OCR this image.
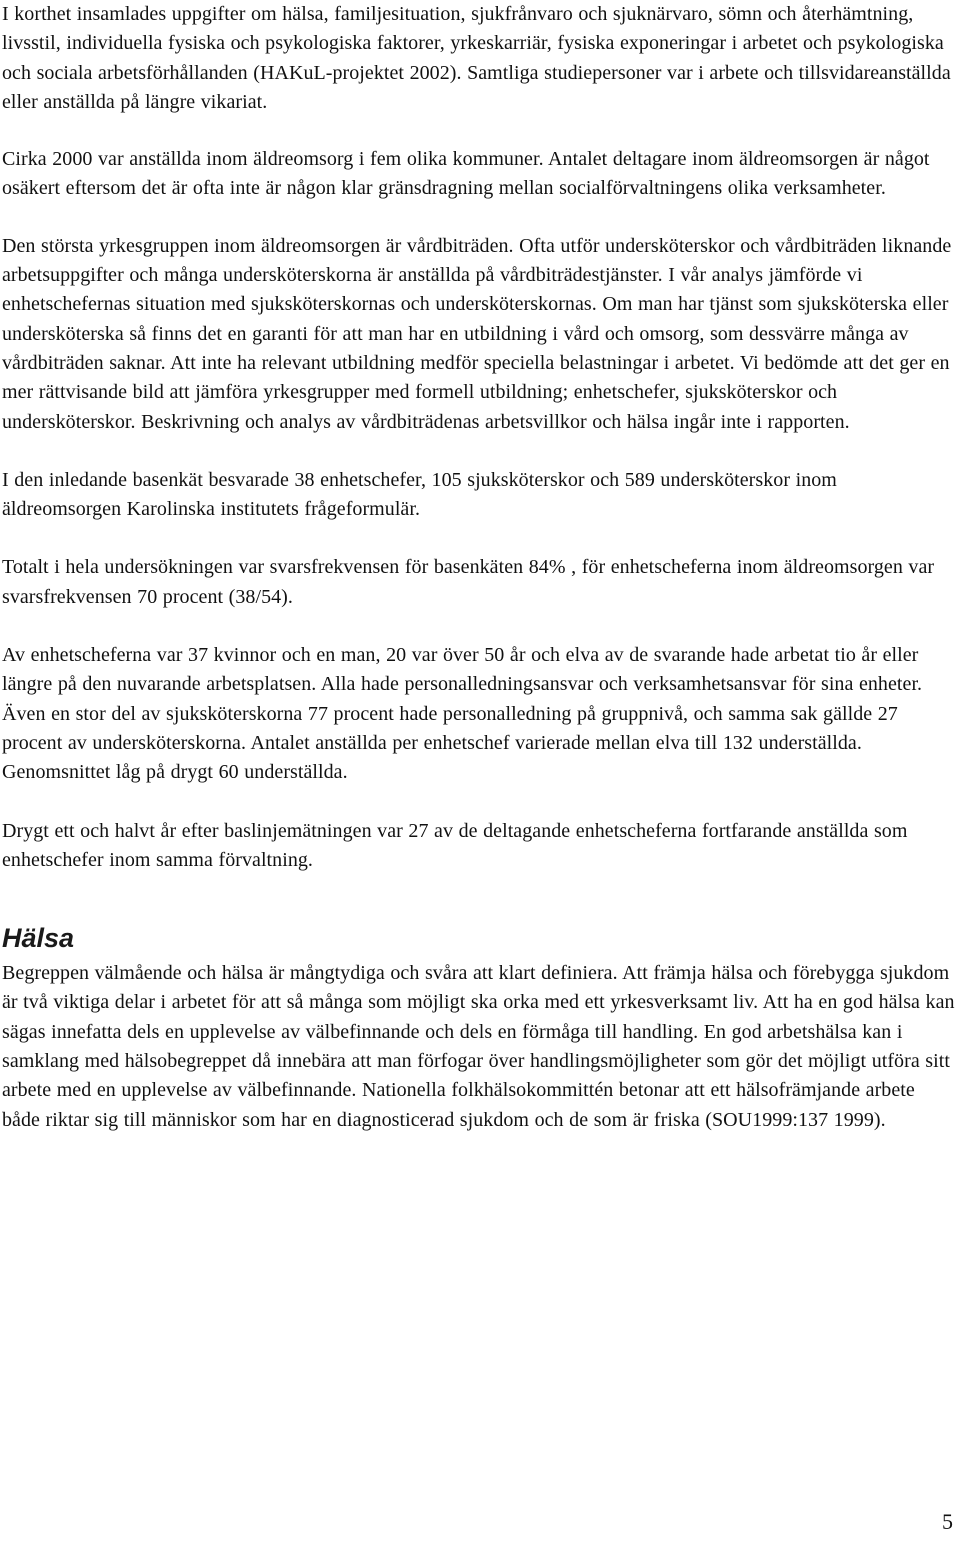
I korthet insamlades uppgifter om hälsa, familjesituation, sjukfrånvaro och sjuknärvaro, sömn och återhämtning, livsstil, individuella fysiska och psykologiska faktorer, yrkeskarriär, fysiska exponeringar i arbetet och psykologiska och sociala arbetsförhållanden (HAKuL-projektet 2002). Samtliga studiepersoner var i arbete och tillsvidareanställda eller anställda på längre vikariat.

Cirka 2000 var anställda inom äldreomsorg i fem olika kommuner. Antalet deltagare inom äldreomsorgen är något osäkert eftersom det är ofta inte är någon klar gränsdragning mellan socialförvaltningens olika verksamheter.

Den största yrkesgruppen inom äldreomsorgen är vårdbiträden. Ofta utför undersköterskor och vårdbiträden liknande arbetsuppgifter och många undersköterskorna är anställda på vårdbiträdestjänster. I vår analys jämförde vi enhetschefernas situation med sjuksköterskornas och undersköterskornas. Om man har tjänst som sjuksköterska eller undersköterska så finns det en garanti för att man har en utbildning i vård och omsorg, som dessvärre många av vårdbiträden saknar. Att inte ha relevant utbildning medför speciella belastningar i arbetet. Vi bedömde att det ger en mer rättvisande bild att jämföra yrkesgrupper med formell utbildning; enhetschefer, sjuksköterskor och undersköterskor. Beskrivning och analys av vårdbiträdenas arbetsvillkor och hälsa ingår inte i rapporten.

I den inledande basenkät besvarade 38 enhetschefer, 105 sjuksköterskor och 589 undersköterskor inom äldreomsorgen Karolinska institutets frågeformulär.

Totalt i hela undersökningen var svarsfrekvensen för basenkäten 84% , för enhetscheferna inom äldreomsorgen var svarsfrekvensen 70 procent (38/54).

Av enhetscheferna var 37 kvinnor och en man, 20 var över 50 år och elva av de svarande hade arbetat tio år eller längre på den nuvarande arbetsplatsen. Alla hade personalledningsansvar och verksamhetsansvar för sina enheter. Även en stor del av sjuksköterskorna 77 procent hade personalledning på gruppnivå, och samma sak gällde 27 procent av undersköterskorna. Antalet anställda per enhetschef varierade mellan elva till 132 underställda. Genomsnittet låg på drygt 60 underställda.

Drygt ett och halvt år efter baslinjemätningen var 27 av de deltagande enhetscheferna fortfarande anställda som enhetschefer inom samma förvaltning.

Hälsa

Begreppen välmående och hälsa är mångtydiga och svåra att klart definiera. Att främja hälsa och förebygga sjukdom är två viktiga delar i arbetet för att så många som möjligt ska orka med ett yrkesverksamt liv. Att ha en god hälsa kan sägas innefatta dels en upplevelse av välbefinnande och dels en förmåga till handling. En god arbetshälsa kan i samklang med hälsobegreppet då innebära att man förfogar över handlingsmöjligheter som gör det möjligt utföra sitt arbete med en upplevelse av välbefinnande. Nationella folkhälsokommittén betonar att ett hälsofrämjande arbete både riktar sig till människor som har en diagnosticerad sjukdom och de som är friska (SOU1999:137 1999).

5
